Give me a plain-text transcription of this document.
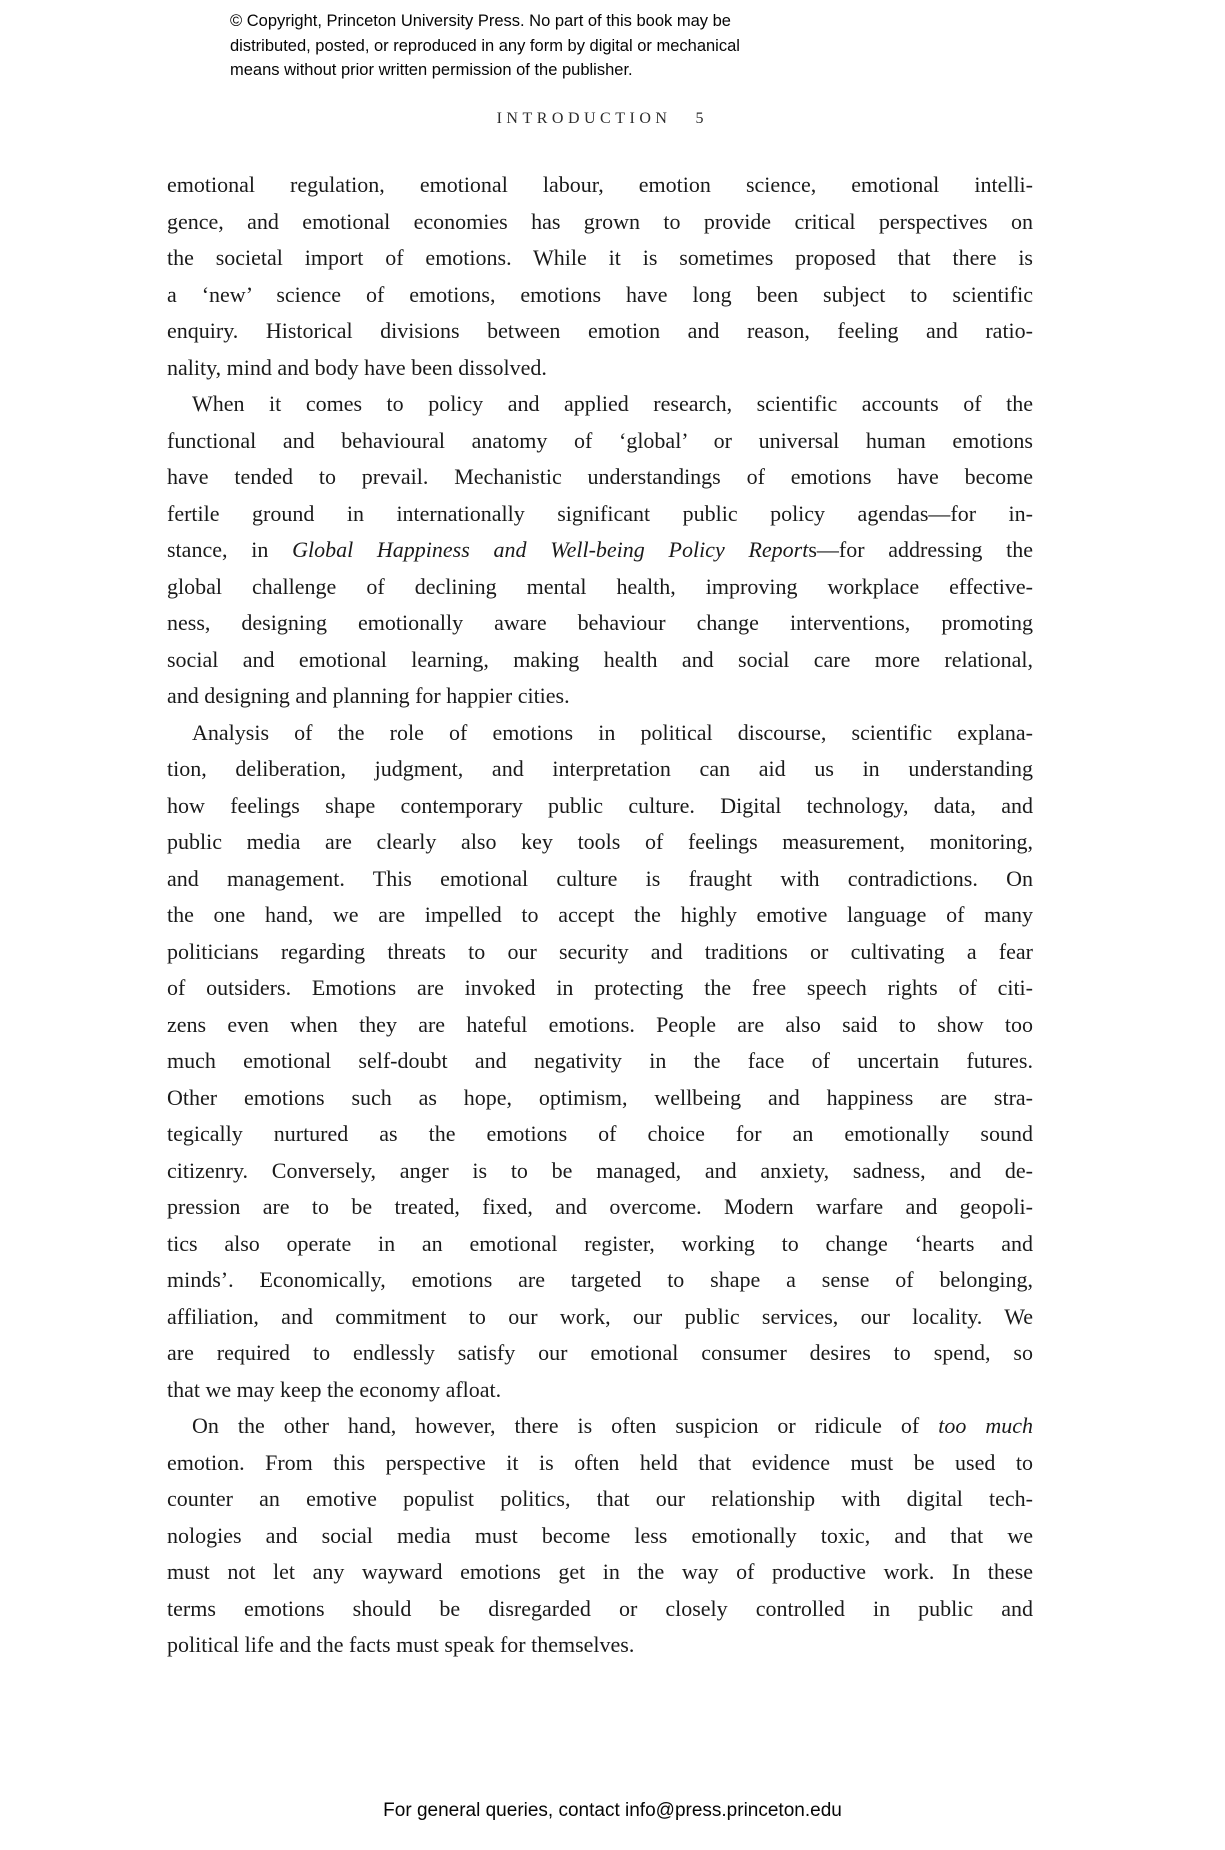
© Copyright, Princeton University Press. No part of this book may be
distributed, posted, or reproduced in any form by digital or mechanical
means without prior written permission of the publisher.
INTRODUCTION 5
emotional regulation, emotional labour, emotion science, emotional intelli-
gence, and emotional economies has grown to provide critical perspectives on
the societal import of emotions. While it is sometimes proposed that there is
a ‘new’ science of emotions, emotions have long been subject to scientific
enquiry. Historical divisions between emotion and reason, feeling and ratio-
nality, mind and body have been dissolved.
When it comes to policy and applied research, scientific accounts of the
functional and behavioural anatomy of ‘global’ or universal human emotions
have tended to prevail. Mechanistic understandings of emotions have become
fertile ground in internationally significant public policy agendas—for in-
stance, in Global Happiness and Well-being Policy Reports—for addressing the
global challenge of declining mental health, improving workplace effective-
ness, designing emotionally aware behaviour change interventions, promoting
social and emotional learning, making health and social care more relational,
and designing and planning for happier cities.
Analysis of the role of emotions in political discourse, scientific explana-
tion, deliberation, judgment, and interpretation can aid us in understanding
how feelings shape contemporary public culture. Digital technology, data, and
public media are clearly also key tools of feelings measurement, monitoring,
and management. This emotional culture is fraught with contradictions. On
the one hand, we are impelled to accept the highly emotive language of many
politicians regarding threats to our security and traditions or cultivating a fear
of outsiders. Emotions are invoked in protecting the free speech rights of citi-
zens even when they are hateful emotions. People are also said to show too
much emotional self-doubt and negativity in the face of uncertain futures.
Other emotions such as hope, optimism, wellbeing and happiness are stra-
tegically nurtured as the emotions of choice for an emotionally sound
citizenry. Conversely, anger is to be managed, and anxiety, sadness, and de-
pression are to be treated, fixed, and overcome. Modern warfare and geopoli-
tics also operate in an emotional register, working to change ‘hearts and
minds’. Economically, emotions are targeted to shape a sense of belonging,
affiliation, and commitment to our work, our public services, our locality. We
are required to endlessly satisfy our emotional consumer desires to spend, so
that we may keep the economy afloat.
On the other hand, however, there is often suspicion or ridicule of too much
emotion. From this perspective it is often held that evidence must be used to
counter an emotive populist politics, that our relationship with digital tech-
nologies and social media must become less emotionally toxic, and that we
must not let any wayward emotions get in the way of productive work. In these
terms emotions should be disregarded or closely controlled in public and
political life and the facts must speak for themselves.
For general queries, contact info@press.princeton.edu
